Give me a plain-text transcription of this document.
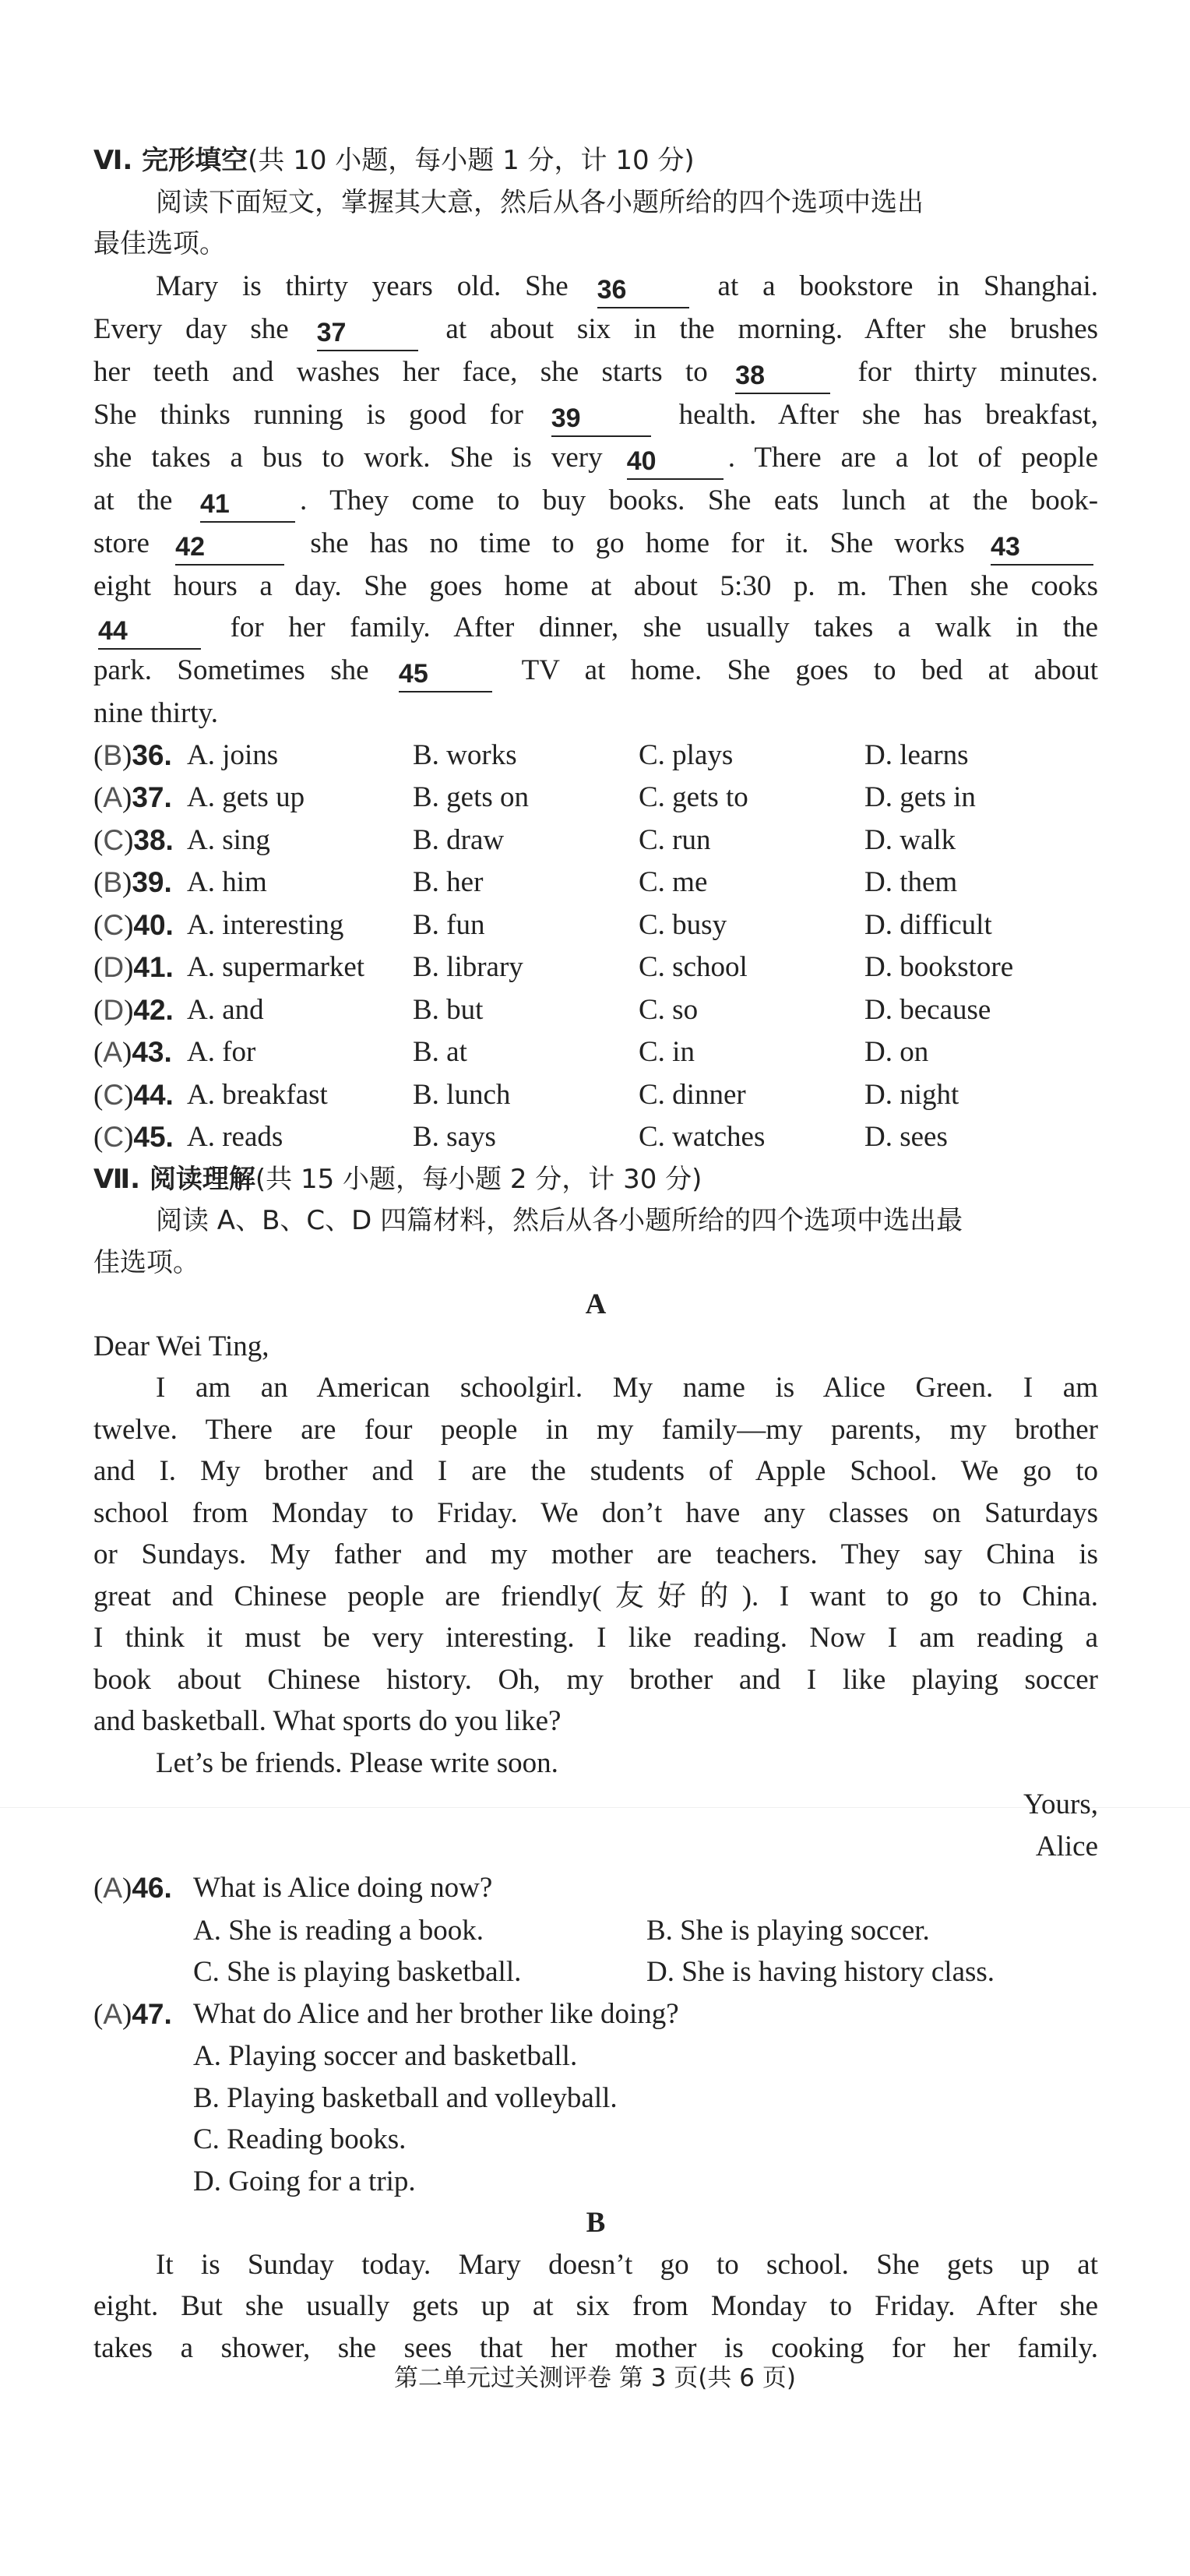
Ⅵ. 完形填空(共 10 小题，每小题 1 分，计 10 分)
阅读下面短文，掌握其大意，然后从各小题所给的四个选项中选出
最佳选项。
Mary is thirty years old. She 36	at a bookstore in Shanghai.
Every day she 37	at about six in the morning. After she brushes
her teeth and washes her face, she starts to 38	for thirty minutes.
She thinks running is good for 39	health. After she has breakfast,
she takes a bus to work. She is very 40 . There are a lot of people
at the 41 . They come to buy books. She eats lunch at the book-
store 42	she has no time to go home for it. She works 43
eight hours a day. She goes home at about 5:30 p. m. Then she cooks
44	for her family. After dinner, she usually takes a walk in the
park. Sometimes she 45	TV at home. She goes to bed at about
nine thirty.
(B)36. A. joins	B. works	C. plays	D. learns
(A)37. A. gets up	B. gets on	C. gets to	D. gets in
(C)38. A. sing	B. draw	C. run	D. walk
(B)39. A. him	B. her	C. me	D. them
(C)40. A. interesting	B. fun	C. busy	D. difficult
(D)41. A. supermarket	B. library	C. school	D. bookstore
(D)42. A. and	B. but	C. so	D. because
(A)43. A. for	B. at	C. in	D. on
(C)44. A. breakfast	B. lunch	C. dinner	D. night
(C)45. A. reads	B. says	C. watches	D. sees
Ⅶ. 阅读理解(共 15 小题，每小题 2 分，计 30 分)
阅读 A、B、C、D 四篇材料，然后从各小题所给的四个选项中选出最
佳选项。
A
Dear Wei Ting,
I am an American schoolgirl. My name is Alice Green. I am
twelve. There are four people in my family—my parents, my brother
and I. My brother and I are the students of Apple School. We go to
school from Monday to Friday. We don’t have any classes on Saturdays
or Sundays. My father and my mother are teachers. They say China is
great and Chinese people are friendly(友好的). I want to go to China.
I think it must be very interesting. I like reading. Now I am reading a
book about Chinese history. Oh, my brother and I like playing soccer
and basketball. What sports do you like?
Let’s be friends. Please write soon.
Yours,
Alice
(A)46. What is Alice doing now?
A. She is reading a book.	B. She is playing soccer.
C. She is playing basketball.	D. She is having history class.
(A)47. What do Alice and her brother like doing?
A. Playing soccer and basketball.
B. Playing basketball and volleyball.
C. Reading books.
D. Going for a trip.
B
It is Sunday today. Mary doesn’t go to school. She gets up at
eight. But she usually gets up at six from Monday to Friday. After she
takes a shower, she sees that her mother is cooking for her family.
第二单元过关测评卷 第 3 页(共 6 页)
